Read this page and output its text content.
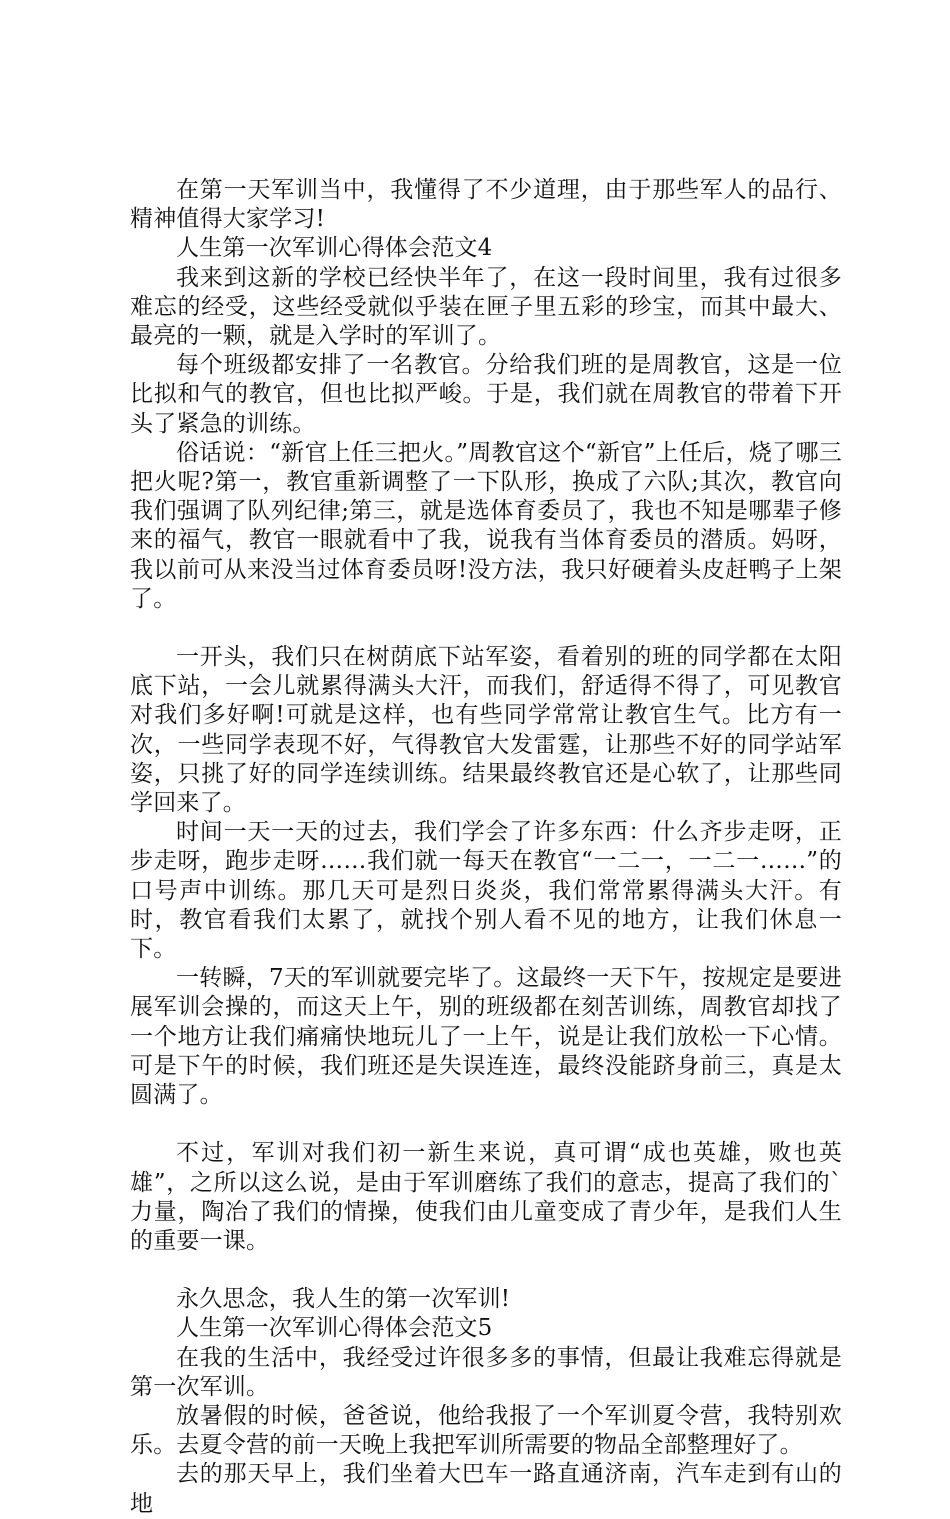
在第一天军训当中，我懂得了不少道理，由于那些军人的品行、精神值得大家学习!

人生第一次军训心得体会范文4

我来到这新的学校已经快半年了，在这一段时间里，我有过很多难忘的经受，这些经受就似乎装在匣子里五彩的珍宝，而其中最大、最亮的一颗，就是入学时的军训了。

每个班级都安排了一名教官。分给我们班的是周教官，这是一位比拟和气的教官，但也比拟严峻。于是，我们就在周教官的带着下开头了紧急的训练。

俗话说：“新官上任三把火。”周教官这个“新官”上任后，烧了哪三把火呢?第一，教官重新调整了一下队形，换成了六队;其次，教官向我们强调了队列纪律;第三，就是选体育委员了，我也不知是哪辈子修来的福气，教官一眼就看中了我，说我有当体育委员的潜质。妈呀，我以前可从来没当过体育委员呀!没方法，我只好硬着头皮赶鸭子上架了。

一开头，我们只在树荫底下站军姿，看着别的班的同学都在太阳底下站，一会儿就累得满头大汗，而我们，舒适得不得了，可见教官对我们多好啊!可就是这样，也有些同学常常让教官生气。比方有一次，一些同学表现不好，气得教官大发雷霆，让那些不好的同学站军姿，只挑了好的同学连续训练。结果最终教官还是心软了，让那些同学回来了。

时间一天一天的过去，我们学会了许多东西：什么齐步走呀，正步走呀，跑步走呀……我们就一每天在教官“一二一，一二一……”的口号声中训练。那几天可是烈日炎炎，我们常常累得满头大汗。有时，教官看我们太累了，就找个别人看不见的地方，让我们休息一下。

一转瞬，7天的军训就要完毕了。这最终一天下午，按规定是要进展军训会操的，而这天上午，别的班级都在刻苦训练，周教官却找了一个地方让我们痛痛快地玩儿了一上午，说是让我们放松一下心情。可是下午的时候，我们班还是失误连连，最终没能跻身前三，真是太圆满了。

不过，军训对我们初一新生来说，真可谓“成也英雄，败也英雄”，之所以这么说，是由于军训磨练了我们的意志，提高了我们的`力量，陶冶了我们的情操，使我们由儿童变成了青少年，是我们人生的重要一课。

永久思念，我人生的第一次军训!

人生第一次军训心得体会范文5

在我的生活中，我经受过许很多多的事情，但最让我难忘得就是第一次军训。

放暑假的时候，爸爸说，他给我报了一个军训夏令营，我特别欢乐。去夏令营的前一天晚上我把军训所需要的物品全部整理好了。

去的那天早上，我们坐着大巴车一路直通济南，汽车走到有山的地
